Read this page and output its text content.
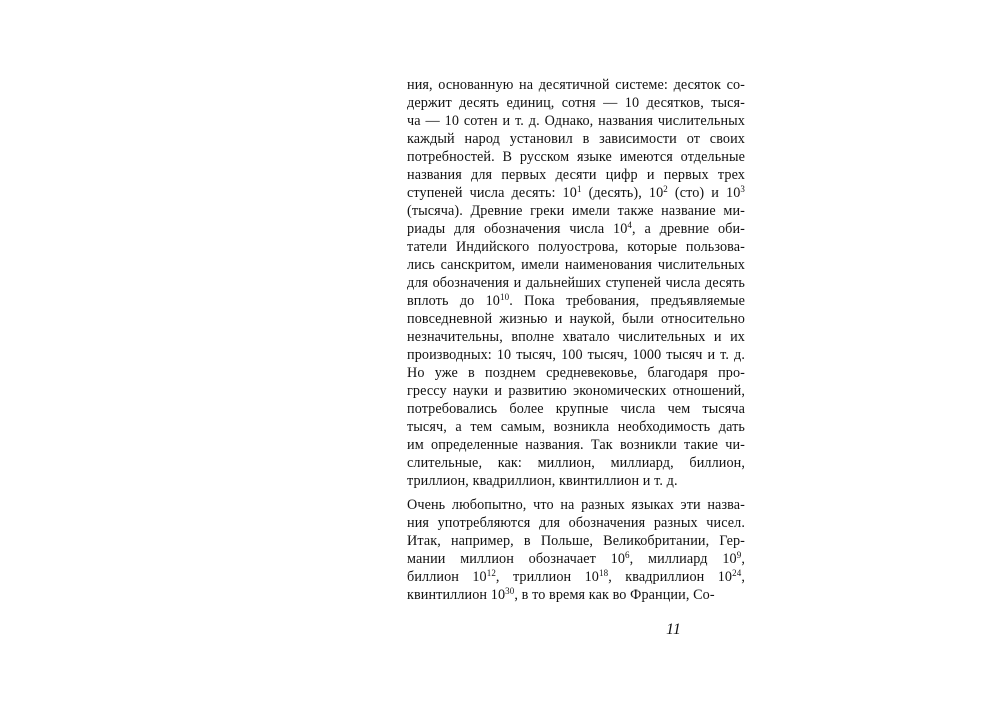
ния, основанную на десятичной системе: десяток со-
держит десять единиц, сотня — 10 десятков, тыся-
ча — 10 сотен и т. д. Однако, названия числительных
каждый народ установил в зависимости от своих
потребностей. В русском языке имеются отдельные
названия для первых десяти цифр и первых трех
ступеней числа десять: $10^1$ (десять), $10^2$ (сто) и $10^3$
(тысяча). Древние греки имели также название ми-
риады для обозначения числа $10^4$, а древние оби-
татели Индийского полуострова, которые пользова-
лись санскритом, имели наименования числительных
для обозначения и дальнейших ступеней числа десять
вплоть до $10^{10}$. Пока требования, предъявляемые
повседневной жизнью и наукой, были относительно
незначительны, вполне хватало числительных и их
производных: 10 тысяч, 100 тысяч, 1000 тысяч и т. д.
Но уже в позднем средневековье, благодаря про-
грессу науки и развитию экономических отношений,
потребовались более крупные числа чем тысяча
тысяч, а тем самым, возникла необходимость дать
им определенные названия. Так возникли такие чи-
слительные, как: миллион, миллиард, биллион,
триллион, квадриллион, квинтиллион и т. д.
Очень любопытно, что на разных языках эти назва-
ния употребляются для обозначения разных чисел.
Итак, например, в Польше, Великобритании, Гер-
мании миллион обозначает $10^6$, миллиард $10^9$,
биллион $10^{12}$, триллион $10^{18}$, квадриллион $10^{24}$,
квинтиллион $10^{30}$, в то время как во Франции, Со-
11
